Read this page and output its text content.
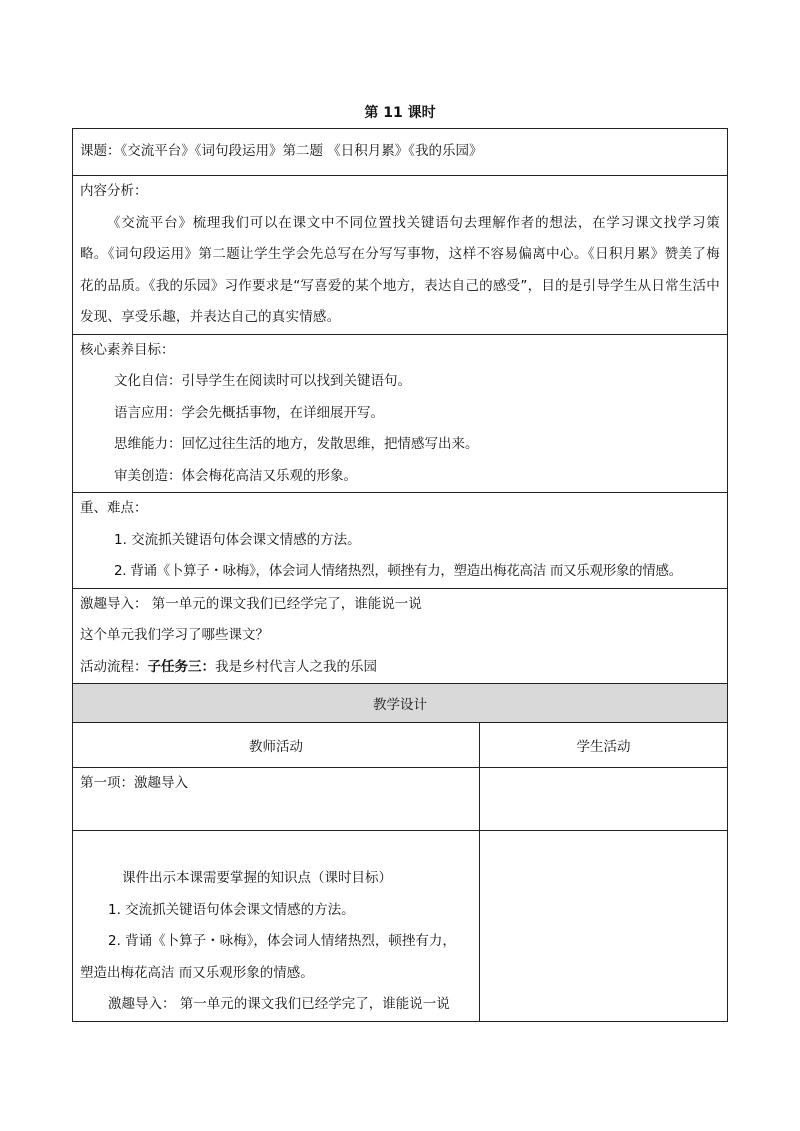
第 11 课时
课题：《交流平台》《词句段运用》第二题 《日积月累》《我的乐园》	

内容分析：

《交流平台》梳理我们可以在课文中不同位置找关键语句去理解作者的想法，在学习课文找学习策略。《词句段运用》第二题让学生学会先总写在分写写事物，这样不容易偏离中心。《日积月累》赞美了梅花的品质。《我的乐园》习作要求是“写喜爱的某个地方，表达自己的感受”，目的是引导学生从日常生活中发现、享受乐趣，并表达自己的真实情感。	

核心素养目标：
文化自信：引导学生在阅读时可以找到关键语句。
语言应用：学会先概括事物，在详细展开写。
思维能力：回忆过往生活的地方，发散思维，把情感写出来。
审美创造：体会梅花高洁又乐观的形象。	

重、难点：
1. 交流抓关键语句体会课文情感的方法。
2. 背诵《卜算子・咏梅》，体会词人情绪热烈，顿挫有力，塑造出梅花高洁 而又乐观形象的情感。	

激趣导入： 第一单元的课文我们已经学完了，谁能说一说
这个单元我们学习了哪些课文？
活动流程：子任务三：我是乡村代言人之我的乐园	

教学设计	
教师活动	学生活动

第一项：激趣导入	

课件出示本课需要掌握的知识点（课时目标）
1. 交流抓关键语句体会课文情感的方法。
2. 背诵《卜算子・咏梅》，体会词人情绪热烈，顿挫有力，
塑造出梅花高洁 而又乐观形象的情感。
激趣导入： 第一单元的课文我们已经学完了，谁能说一说	
